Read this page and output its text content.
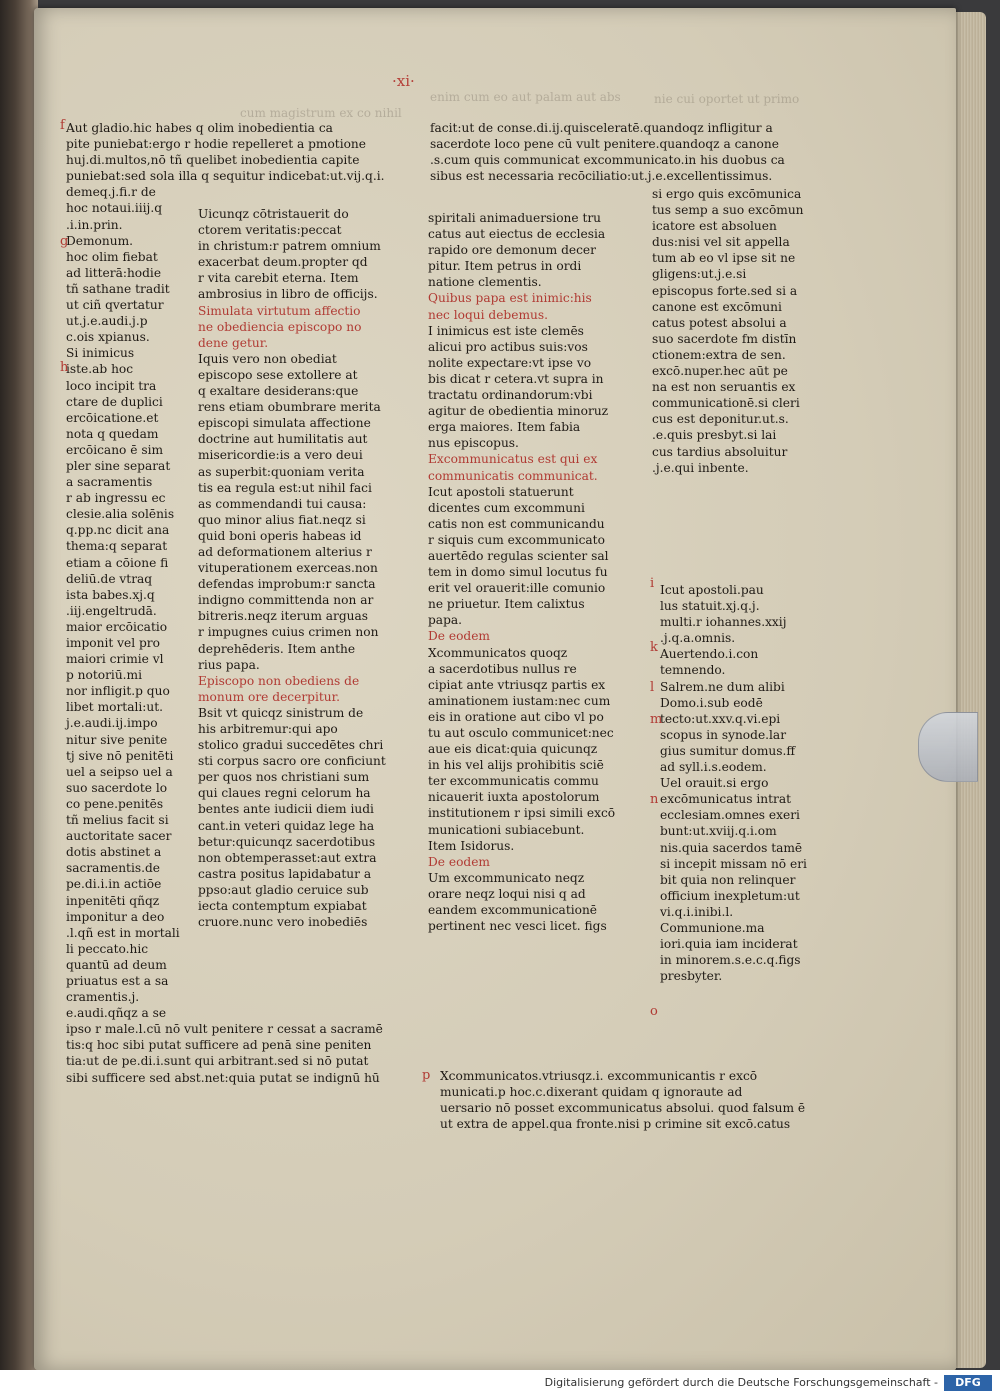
nie cui oportet ut primo
enim cum eo aut palam aut abs
cum magistrum ex co nihil
·xi·

Aut gladio.hic habes q olim inobedientia ca

pite puniebat:ergo r hodie repelleret a pmotione

huj.di.multos,nō tñ quelibet inobedientia capite

puniebat:sed sola illa q sequitur indicebat:ut.vij.q.i.

demeq.j.fi.r de

hoc notaui.iiij.q

.i.in.prin.

Demonum.

hoc olim fiebat

ad litterā:hodie

tñ sathane tradit

ut ciñ qvertatur

ut.j.e.audi.j.p

c.ois xpianus.

Si inimicus

iste.ab hoc

loco incipit tra

ctare de duplici

ercōicatione.et

nota q quedam

ercōicano ē sim

pler sine separat

a sacramentis

r ab ingressu ec

clesie.alia solēnis

q.pp.nc dicit ana

thema:q separat

etiam a cōione fi

deliū.de vtraq

ista babes.xj.q

.iij.engeltrudā.

maior ercōicatio

imponit vel pro

maiori crimie vl

p notoriū.mi

nor infligit.p quo

libet mortali:ut.

j.e.audi.ij.impo

nitur sive penite

tj sive nō penitēti

uel a seipso uel a

suo sacerdote lo

co pene.penitēs

tñ melius facit si

auctoritate sacer

dotis abstinet a

sacramentis.de

pe.di.i.in actiōe

inpenitēti qñqz

imponitur a deo

.l.qñ est in mortali

li peccato.hic

quantū ad deum

priuatus est a sa

cramentis.j.

e.audi.qñqz a se

ipso r male.l.cū nō vult penitere r cessat a sacramē

tis:q hoc sibi putat sufficere ad penā sine peniten

tia:ut de pe.di.i.sunt qui arbitrant.sed si nō putat

sibi sufficere sed abst.net:quia putat se indignū hū

Uicunqz cōtristauerit do

ctorem veritatis:peccat

in christum:r patrem omnium

exacerbat deum.propter qd

r vita carebit eterna. Item

ambrosius in libro de officijs.

Simulata virtutum affectio

ne obediencia episcopo no

dene getur.

Iquis vero non obediat

episcopo sese extollere at

q exaltare desiderans:que

rens etiam obumbrare merita

episcopi simulata affectione

doctrine aut humilitatis aut

misericordie:is a vero deui

as superbit:quoniam verita

tis ea regula est:ut nihil faci

as commendandi tui causa:

quo minor alius fiat.neqz si

quid boni operis habeas id

ad deformationem alterius r

vituperationem exerceas.non

defendas improbum:r sancta

indigno committenda non ar

bitreris.neqz iterum arguas

r impugnes cuius crimen non

deprehēderis. Item anthe

rius papa.

Episcopo non obediens de

monum ore decerpitur.

Bsit vt quicqz sinistrum de

his arbitremur:qui apo

stolico gradui succedētes chri

sti corpus sacro ore conficiunt

per quos nos christiani sum

qui claues regni celorum ha

bentes ante iudicii diem iudi

cant.in veteri quidaz lege ha

betur:quicunqz sacerdotibus

non obtemperasset:aut extra

castra positus lapidabatur a

ppso:aut gladio ceruice sub

iecta contemptum expiabat

cruore.nunc vero inobediēs

facit:ut de conse.di.ij.quisceleratē.quandoqz infligitur a

sacerdote loco pene cū vult penitere.quandoqz a canone

.s.cum quis communicat excommunicato.in his duobus ca

sibus est necessaria recōciliatio:ut.j.e.excellentissimus.

spiritali animaduersione tru

catus aut eiectus de ecclesia

rapido ore demonum decer

pitur. Item petrus in ordi

natione clementis.

Quibus papa est inimic:his

nec loqui debemus.

I inimicus est iste clemēs

alicui pro actibus suis:vos

nolite expectare:vt ipse vo

bis dicat r cetera.vt supra in

tractatu ordinandorum:vbi

agitur de obedientia minoruz

erga maiores. Item fabia

nus episcopus.

Excommunicatus est qui ex

communicatis communicat.

Icut apostoli statuerunt

dicentes cum excommuni

catis non est communicandu

r siquis cum excommunicato

auertēdo regulas scienter sal

tem in domo simul locutus fu

erit vel orauerit:ille comunio

ne priuetur. Item calixtus

papa.

De eodem

Xcommunicatos quoqz

a sacerdotibus nullus re

cipiat ante vtriusqz partis ex

aminationem iustam:nec cum

eis in oratione aut cibo vl po

tu aut osculo communicet:nec

aue eis dicat:quia quicunqz

in his vel alijs prohibitis sciē

ter excommunicatis commu

nicauerit iuxta apostolorum

institutionem r ipsi simili excō

municationi subiacebunt.

Item Isidorus.

De eodem

Um excommunicato neqz

orare neqz loqui nisi q ad

eandem excommunicationē

pertinent nec vesci licet. figs

si ergo quis excōmunica

tus semp a suo excōmun

icatore est absoluen

dus:nisi vel sit appella

tum ab eo vl ipse sit ne

gligens:ut.j.e.si

episcopus forte.sed si a

canone est excōmuni

catus potest absolui a

suo sacerdote fm distīn

ctionem:extra de sen.

excō.nuper.hec aūt pe

na est non seruantis ex

communicationē.si cleri

cus est deponitur.ut.s.

.e.quis presbyt.si lai

cus tardius absoluitur

.j.e.qui inbente.

Icut apostoli.pau

lus statuit.xj.q.j.

multi.r iohannes.xxij

.j.q.a.omnis.

Auertendo.i.con

temnendo.

Salrem.ne dum alibi

Domo.i.sub eodē

tecto:ut.xxv.q.vi.epi

scopus in synode.lar

gius sumitur domus.ff

ad syll.i.s.eodem.

Uel orauit.si ergo

excōmunicatus intrat

ecclesiam.omnes exeri

bunt:ut.xviij.q.i.om

nis.quia sacerdos tamē

si incepit missam nō eri

bit quia non relinquer

officium inexpletum:ut

vi.q.i.inibi.l.

Communione.ma

iori.quia iam inciderat

in minorem.s.e.c.q.figs

presbyter.

Xcommunicatos.vtriusqz.i. excommunicantis r excō

municati.p hoc.c.dixerant quidam q ignoraute ad

uersario nō posset excommunicatus absolui. quod falsum ē

ut extra de appel.qua fronte.nisi p crimine sit excō.catus

f
g
h
i
k
l
m
n
o
p
Digitalisierung gefördert durch die Deutsche Forschungsgemeinschaft -	DFG
